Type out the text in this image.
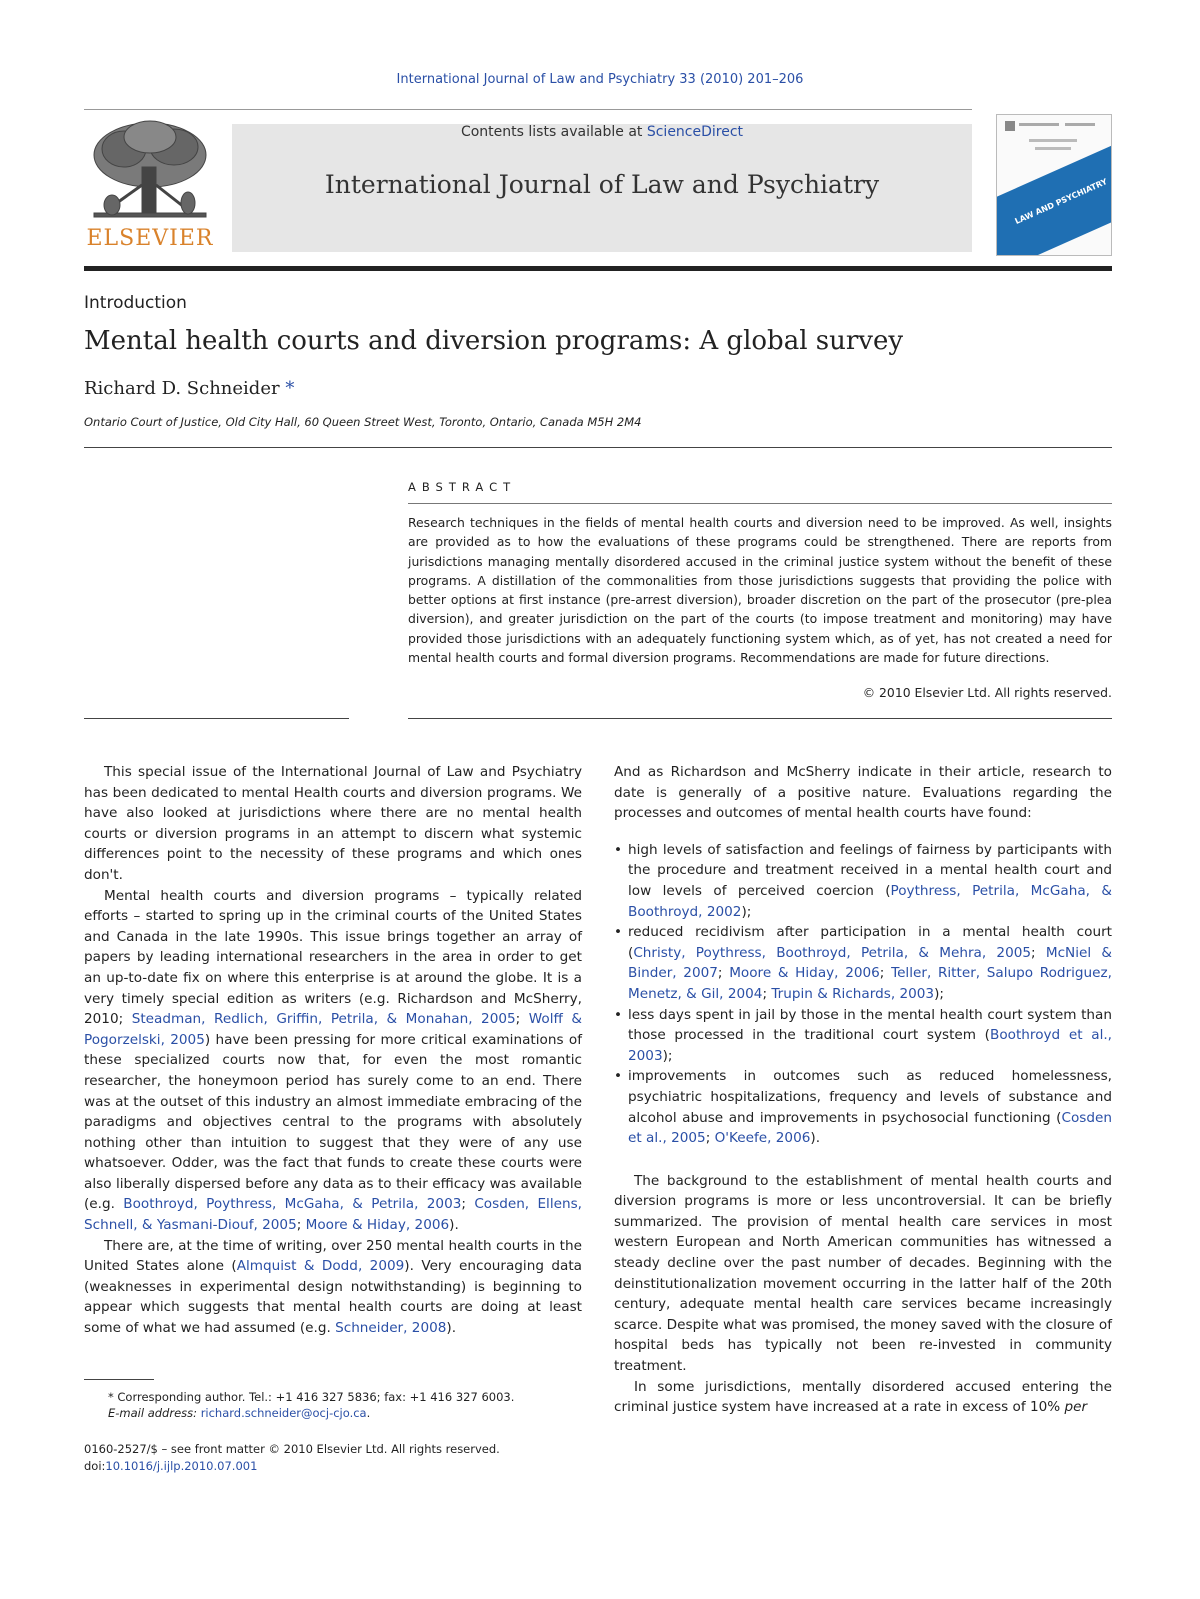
International Journal of Law and Psychiatry 33 (2010) 201–206
ELSEVIER
Contents lists available at ScienceDirect
International Journal of Law and Psychiatry	LAW AND PSYCHIATRY
Introduction
Mental health courts and diversion programs: A global survey
Richard D. Schneider *
Ontario Court of Justice, Old City Hall, 60 Queen Street West, Toronto, Ontario, Canada M5H 2M4
ABSTRACT
Research techniques in the fields of mental health courts and diversion need to be improved. As well, insights are provided as to how the evaluations of these programs could be strengthened. There are reports from jurisdictions managing mentally disordered accused in the criminal justice system without the benefit of these programs. A distillation of the commonalities from those jurisdictions suggests that providing the police with better options at first instance (pre-arrest diversion), broader discretion on the part of the prosecutor (pre-plea diversion), and greater jurisdiction on the part of the courts (to impose treatment and monitoring) may have provided those jurisdictions with an adequately functioning system which, as of yet, has not created a need for mental health courts and formal diversion programs. Recommendations are made for future directions.
© 2010 Elsevier Ltd. All rights reserved.

This special issue of the International Journal of Law and Psychiatry has been dedicated to mental Health courts and diversion programs. We have also looked at jurisdictions where there are no mental health courts or diversion programs in an attempt to discern what systemic differences point to the necessity of these programs and which ones don't.

Mental health courts and diversion programs – typically related efforts – started to spring up in the criminal courts of the United States and Canada in the late 1990s. This issue brings together an array of papers by leading international researchers in the area in order to get an up-to-date fix on where this enterprise is at around the globe. It is a very timely special edition as writers (e.g. Richardson and McSherry, 2010; Steadman, Redlich, Griffin, Petrila, & Monahan, 2005; Wolff & Pogorzelski, 2005) have been pressing for more critical examinations of these specialized courts now that, for even the most romantic researcher, the honeymoon period has surely come to an end. There was at the outset of this industry an almost immediate embracing of the paradigms and objectives central to the programs with absolutely nothing other than intuition to suggest that they were of any use whatsoever. Odder, was the fact that funds to create these courts were also liberally dispersed before any data as to their efficacy was available (e.g. Boothroyd, Poythress, McGaha, & Petrila, 2003; Cosden, Ellens, Schnell, & Yasmani-Diouf, 2005; Moore & Hiday, 2006).

There are, at the time of writing, over 250 mental health courts in the United States alone (Almquist & Dodd, 2009). Very encouraging data (weaknesses in experimental design notwithstanding) is beginning to appear which suggests that mental health courts are doing at least some of what we had assumed (e.g. Schneider, 2008).

And as Richardson and McSherry indicate in their article, research to date is generally of a positive nature. Evaluations regarding the processes and outcomes of mental health courts have found:

• high levels of satisfaction and feelings of fairness by participants with the procedure and treatment received in a mental health court and low levels of perceived coercion (Poythress, Petrila, McGaha, & Boothroyd, 2002);
• reduced recidivism after participation in a mental health court (Christy, Poythress, Boothroyd, Petrila, & Mehra, 2005; McNiel & Binder, 2007; Moore & Hiday, 2006; Teller, Ritter, Salupo Rodriguez, Menetz, & Gil, 2004; Trupin & Richards, 2003);
• less days spent in jail by those in the mental health court system than those processed in the traditional court system (Boothroyd et al., 2003);
• improvements in outcomes such as reduced homelessness, psychiatric hospitalizations, frequency and levels of substance and alcohol abuse and improvements in psychosocial functioning (Cosden et al., 2005; O'Keefe, 2006).

The background to the establishment of mental health courts and diversion programs is more or less uncontroversial. It can be briefly summarized. The provision of mental health care services in most western European and North American communities has witnessed a steady decline over the past number of decades. Beginning with the deinstitutionalization movement occurring in the latter half of the 20th century, adequate mental health care services became increasingly scarce. Despite what was promised, the money saved with the closure of hospital beds has typically not been re-invested in community treatment.

In some jurisdictions, mentally disordered accused entering the criminal justice system have increased at a rate in excess of 10% per

* Corresponding author. Tel.: +1 416 327 5836; fax: +1 416 327 6003.
E-mail address: richard.schneider@ocj-cjo.ca.
0160-2527/$ – see front matter © 2010 Elsevier Ltd. All rights reserved.
doi:10.1016/j.ijlp.2010.07.001
